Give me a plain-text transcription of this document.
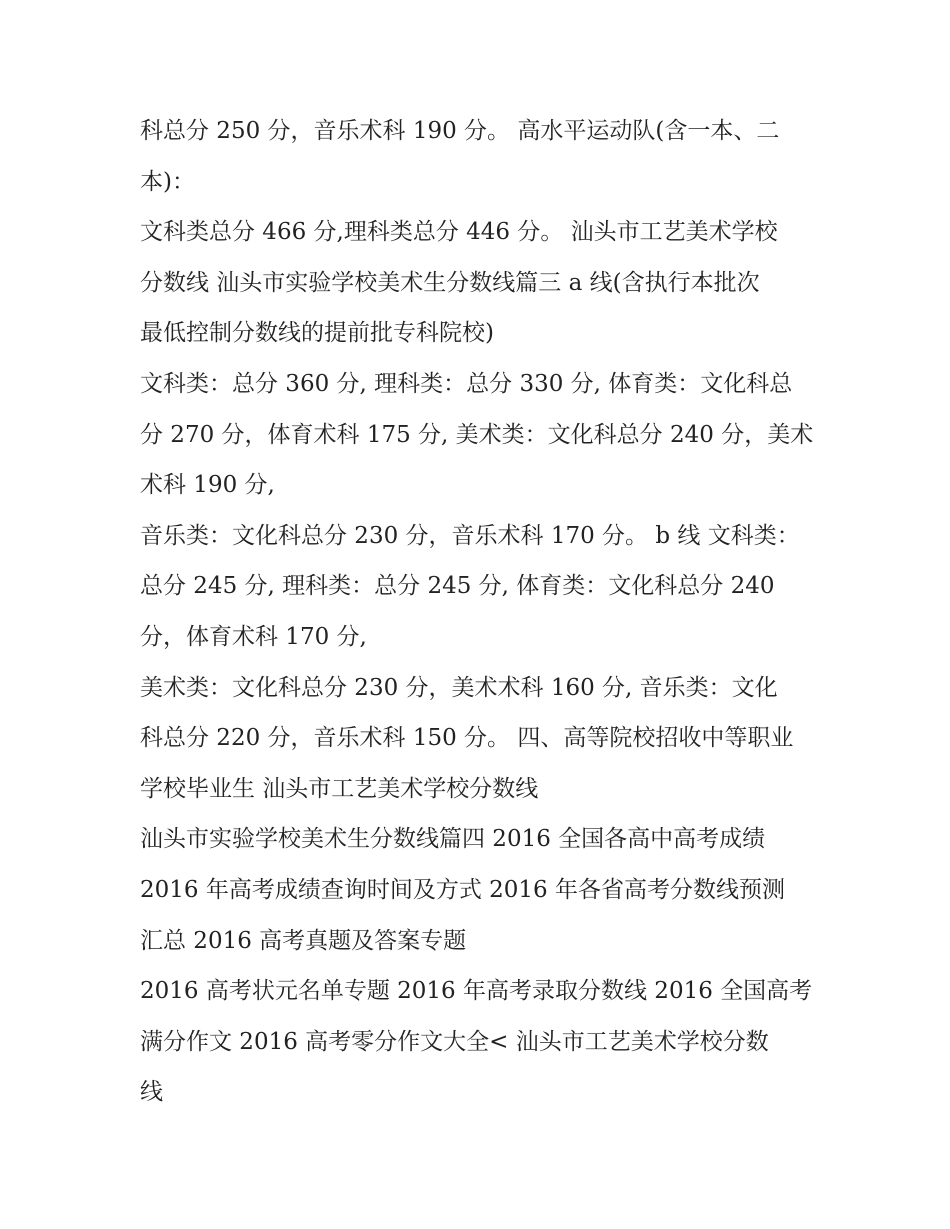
科总分 250 分，音乐术科 190 分。 高水平运动队(含一本、二
本)：
文科类总分 466 分,理科类总分 446 分。 汕头市工艺美术学校
分数线 汕头市实验学校美术生分数线篇三 a 线(含执行本批次
最低控制分数线的提前批专科院校)
文科类：总分 360 分, 理科类：总分 330 分, 体育类：文化科总
分 270 分，体育术科 175 分, 美术类：文化科总分 240 分，美术
术科 190 分,
音乐类：文化科总分 230 分，音乐术科 170 分。 b 线 文科类：
总分 245 分, 理科类：总分 245 分, 体育类：文化科总分 240
分，体育术科 170 分,
美术类：文化科总分 230 分，美术术科 160 分, 音乐类：文化
科总分 220 分，音乐术科 150 分。 四、高等院校招收中等职业
学校毕业生 汕头市工艺美术学校分数线
汕头市实验学校美术生分数线篇四 2016 全国各高中高考成绩
2016 年高考成绩查询时间及方式 2016 年各省高考分数线预测
汇总 2016 高考真题及答案专题
2016 高考状元名单专题 2016 年高考录取分数线 2016 全国高考
满分作文 2016 高考零分作文大全< 汕头市工艺美术学校分数
线
